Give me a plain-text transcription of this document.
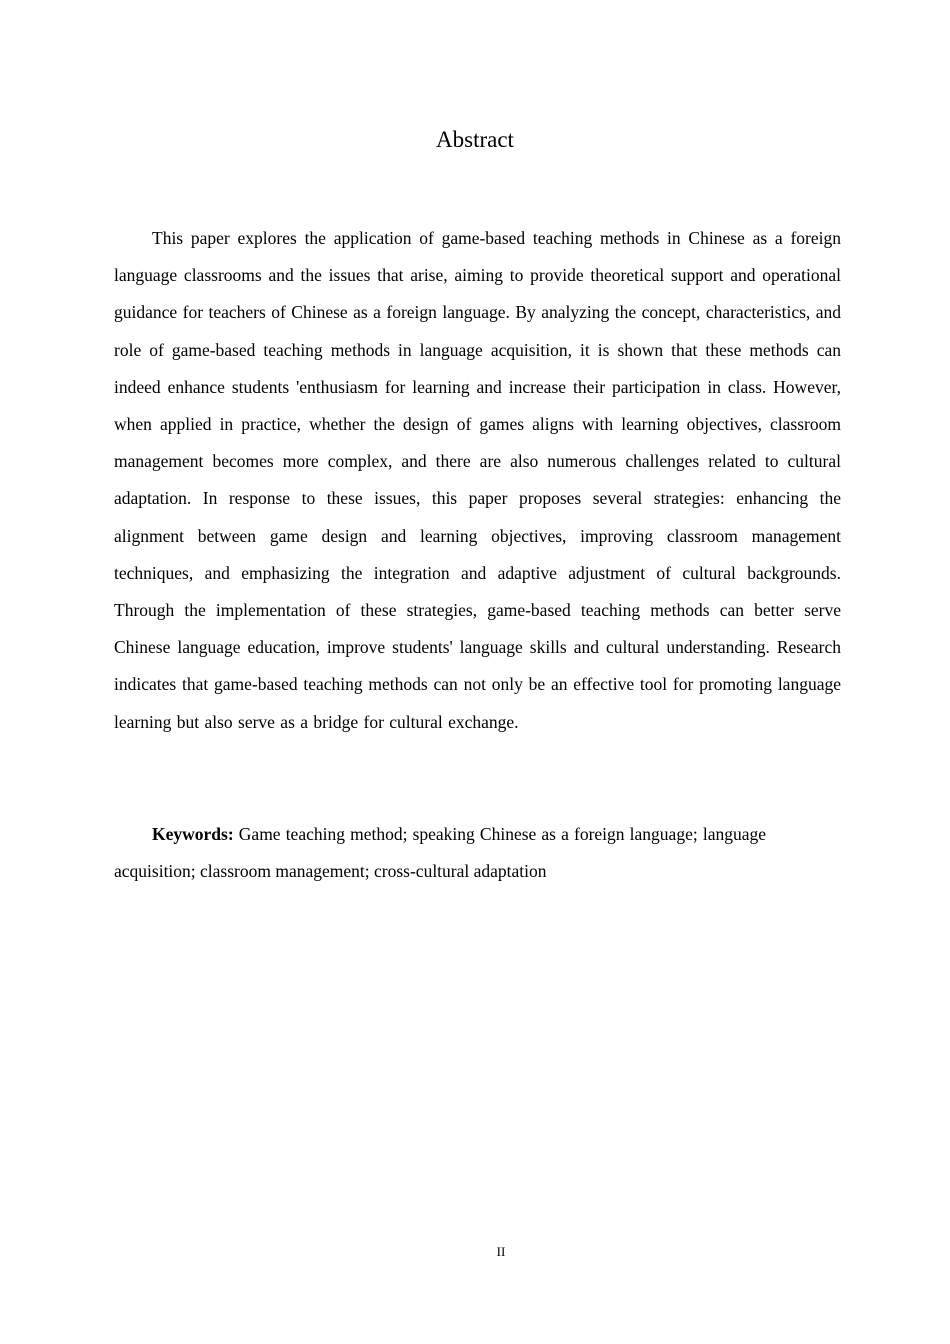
Abstract

This paper explores the application of game-based teaching methods in Chinese as a foreign language classrooms and the issues that arise, aiming to provide theoretical support and operational guidance for teachers of Chinese as a foreign language. By analyzing the concept, characteristics, and role of game-based teaching methods in language acquisition, it is shown that these methods can indeed enhance students 'enthusiasm for learning and increase their participation in class. However, when applied in practice, whether the design of games aligns with learning objectives, classroom management becomes more complex, and there are also numerous challenges related to cultural adaptation. In response to these issues, this paper proposes several strategies: enhancing the alignment between game design and learning objectives, improving classroom management techniques, and emphasizing the integration and adaptive adjustment of cultural backgrounds. Through the implementation of these strategies, game-based teaching methods can better serve Chinese language education, improve students' language skills and cultural understanding. Research indicates that game-based teaching methods can not only be an effective tool for promoting language learning but also serve as a bridge for cultural exchange.

Keywords: Game teaching method; speaking Chinese as a foreign language; language acquisition; classroom management; cross-cultural adaptation

II
